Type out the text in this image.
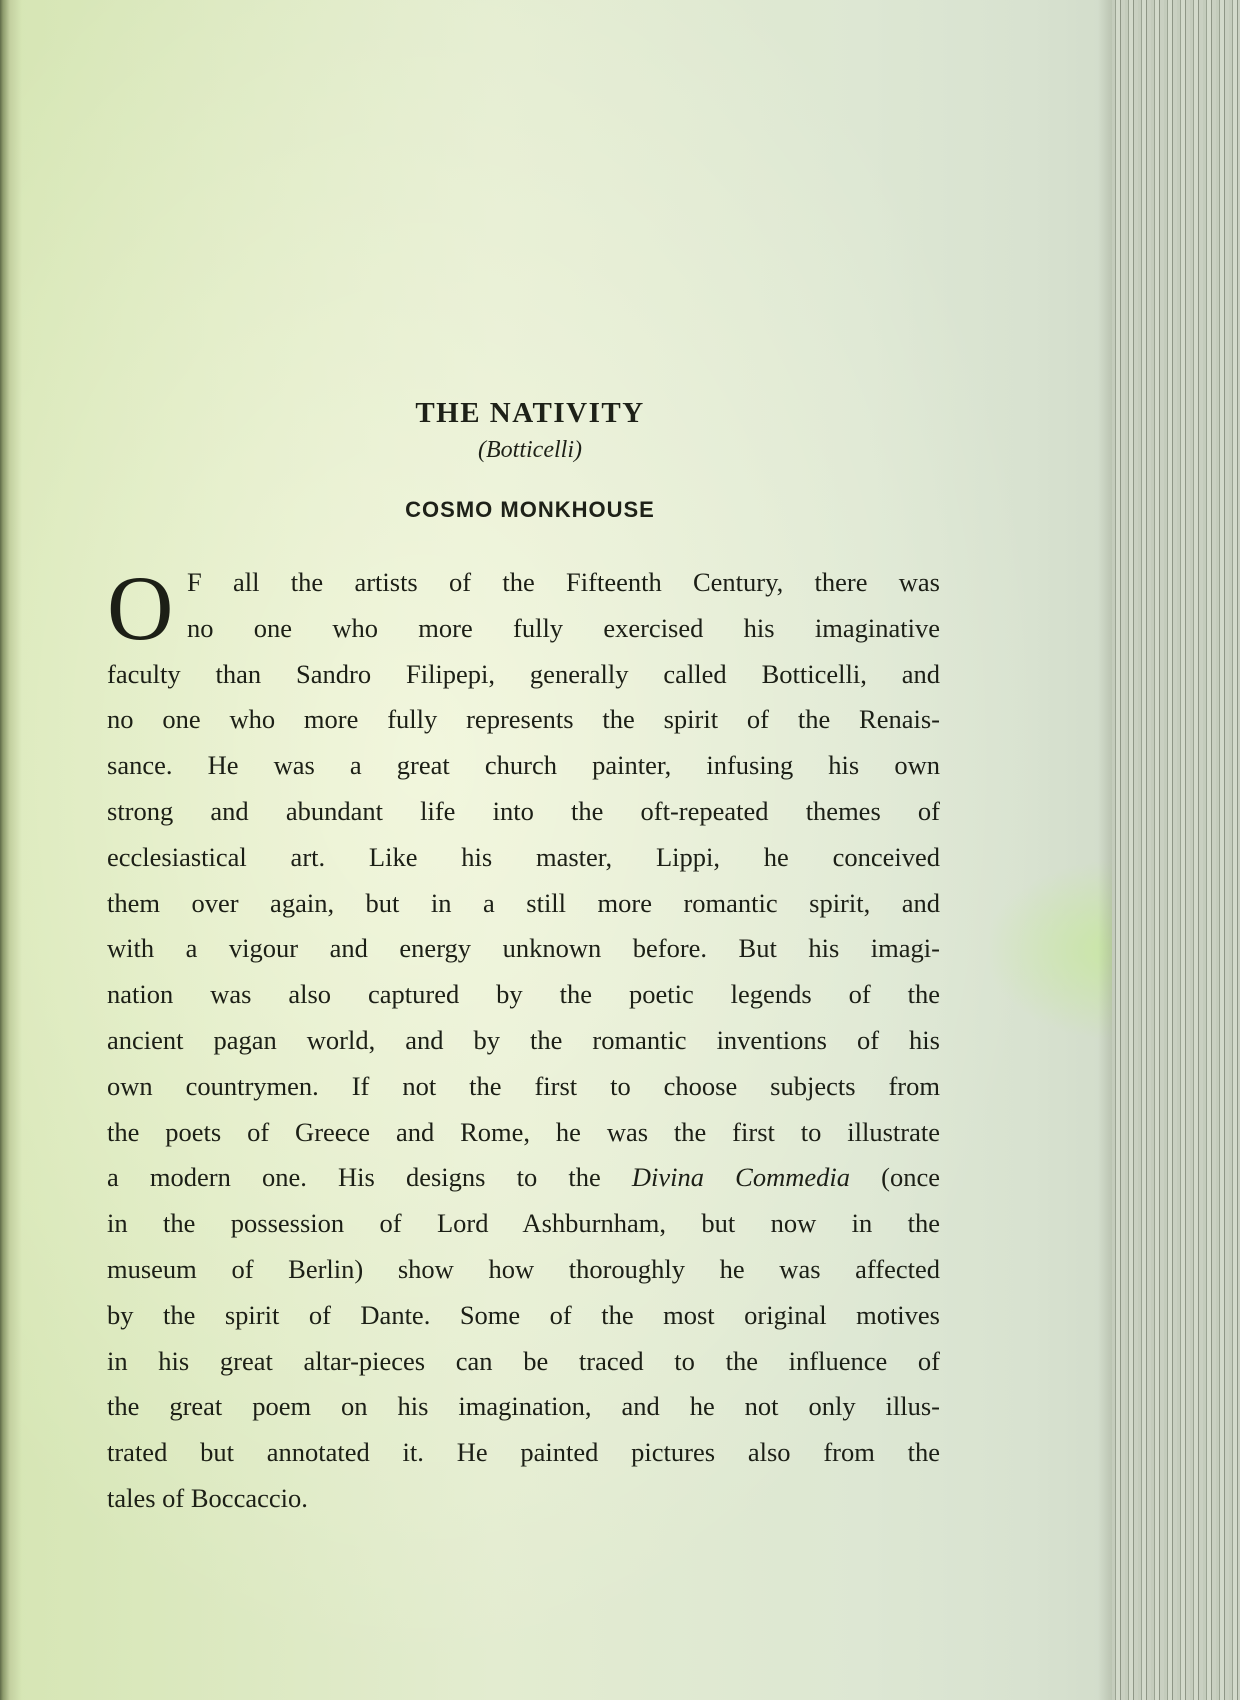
THE NATIVITY
(Botticelli)
COSMO MONKHOUSE
O F all the artists of the Fifteenth Century, there was
no one who more fully exercised his imaginative
faculty than Sandro Filipepi, generally called Botticelli, and
no one who more fully represents the spirit of the Renais-
sance. He was a great church painter, infusing his own
strong and abundant life into the oft-repeated themes of
ecclesiastical art. Like his master, Lippi, he conceived
them over again, but in a still more romantic spirit, and
with a vigour and energy unknown before. But his imagi-
nation was also captured by the poetic legends of the
ancient pagan world, and by the romantic inventions of his
own countrymen. If not the first to choose subjects from
the poets of Greece and Rome, he was the first to illustrate
a modern one. His designs to the Divina Commedia (once
in the possession of Lord Ashburnham, but now in the
museum of Berlin) show how thoroughly he was affected
by the spirit of Dante. Some of the most original motives
in his great altar-pieces can be traced to the influence of
the great poem on his imagination, and he not only illus-
trated but annotated it. He painted pictures also from the
tales of Boccaccio.
